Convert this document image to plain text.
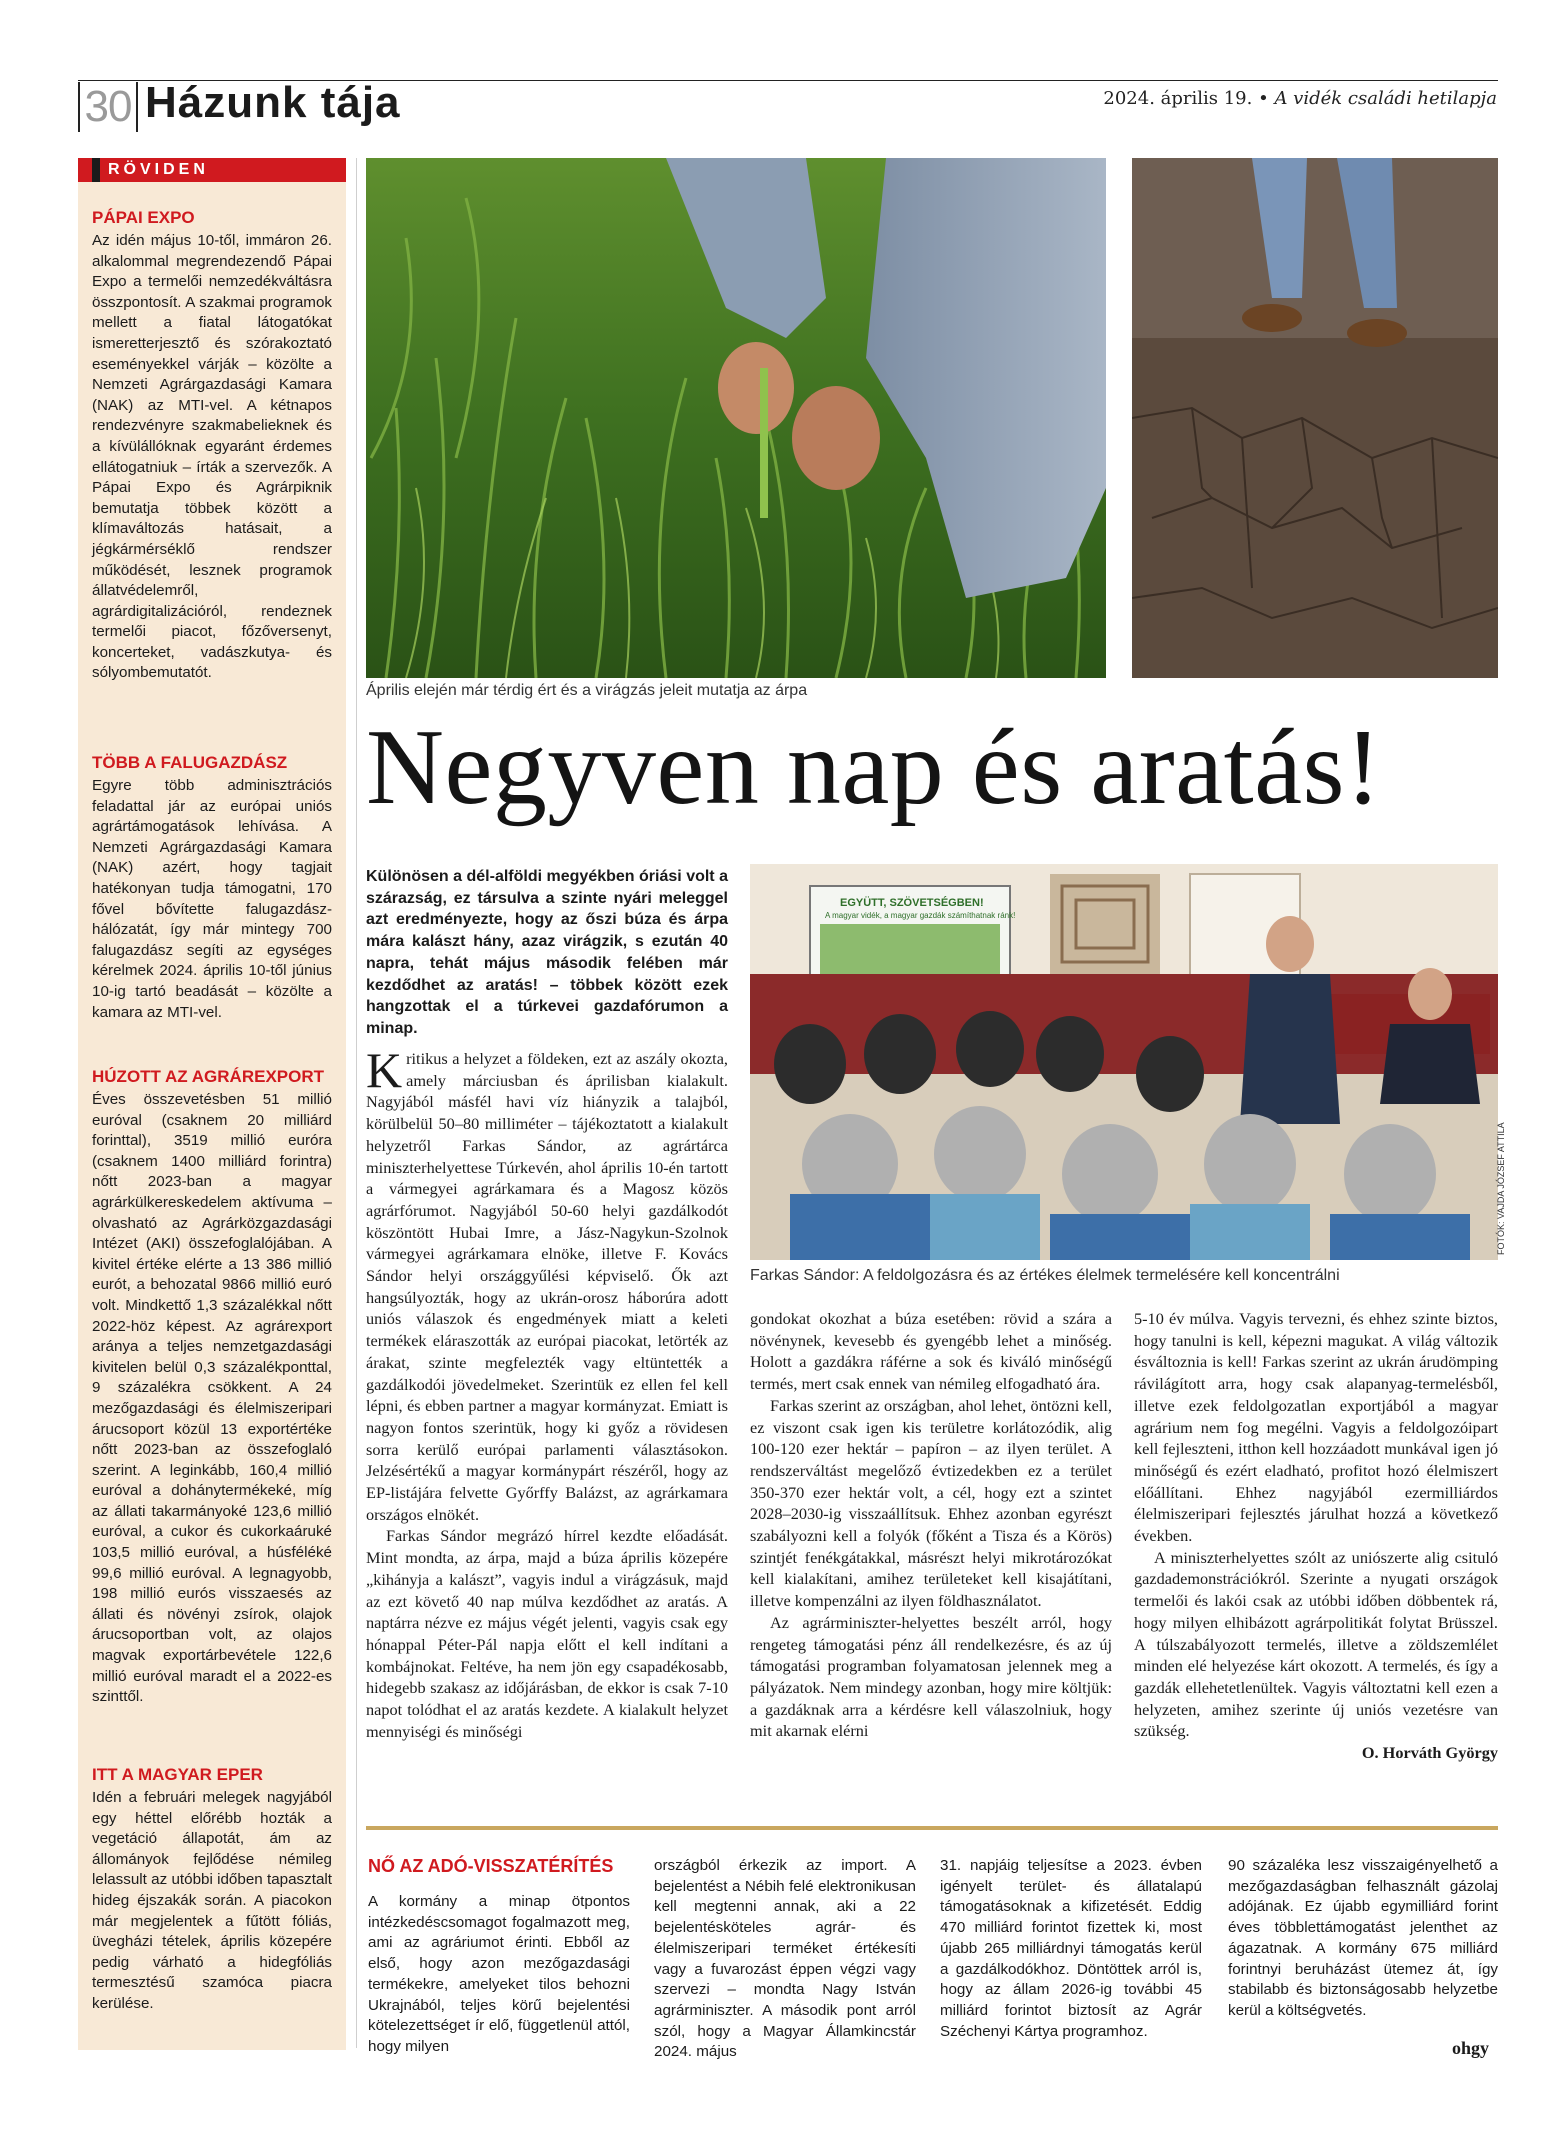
30 Házunk tája	2024. április 19. • A vidék családi hetilapja
RÖVIDEN
PÁPAI EXPO

Az idén május 10-től, immáron 26. alkalommal megrendezendő Pápai Expo a termelői nemzedékváltásra összpontosít. A szakmai programok mellett a fiatal látogatókat ismeretterjesztő és szórakoztató eseményekkel várják – közölte a Nemzeti Agrárgazdasági Kamara (NAK) az MTI-vel. A kétnapos rendezvényre szakmabelieknek és a kívülállóknak egyaránt érdemes ellátogatniuk – írták a szervezők. A Pápai Expo és Agrárpiknik bemutatja többek között a klímaváltozás hatásait, a jégkármérséklő rendszer működését, lesznek programok állatvédelemről, agrárdigitalizációról, rendeznek termelői piacot, főzőversenyt, koncerteket, vadászkutya- és sólyombemutatót.

TÖBB A FALUGAZDÁSZ

Egyre több adminisztrációs feladattal jár az európai uniós agrártámogatások lehívása. A Nemzeti Agrárgazdasági Kamara (NAK) azért, hogy tagjait hatékonyan tudja támogatni, 170 fővel bővítette falugazdász-hálózatát, így már mintegy 700 falugazdász segíti az egységes kérelmek 2024. április 10-től június 10-ig tartó beadását – közölte a kamara az MTI-vel.

HÚZOTT AZ AGRÁREXPORT

Éves összevetésben 51 millió euróval (csaknem 20 milliárd forinttal), 3519 millió euróra (csaknem 1400 milliárd forintra) nőtt 2023-ban a magyar agrárkülkereskedelem aktívuma – olvasható az Agrárközgazdasági Intézet (AKI) összefoglalójában. A kivitel értéke elérte a 13 386 millió eurót, a behozatal 9866 millió euró volt. Mindkettő 1,3 százalékkal nőtt 2022-höz képest. Az agrárexport aránya a teljes nemzetgazdasági kivitelen belül 0,3 százalékponttal, 9 százalékra csökkent. A 24 mezőgazdasági és élelmiszeripari árucsoport közül 13 exportértéke nőtt 2023-ban az összefoglaló szerint. A leginkább, 160,4 millió euróval a dohánytermékeké, míg az állati takarmányoké 123,6 millió euróval, a cukor és cukorkaáruké 103,5 millió euróval, a húsféléké 99,6 millió euróval. A legnagyobb, 198 millió eurós visszaesés az állati és növényi zsírok, olajok árucsoportban volt, az olajos magvak exportárbevétele 122,6 millió euróval maradt el a 2022-es szinttől.

ITT A MAGYAR EPER

Idén a februári melegek nagyjából egy héttel előrébb hozták a vegetáció állapotát, ám az állományok fejlődése némileg lelassult az utóbbi időben tapasztalt hideg éjszakák során. A piacokon már megjelentek a fűtött fóliás, üvegházi tételek, április közepére pedig várható a hidegfóliás termesztésű szamóca piacra kerülése.

Április elején már térdig ért és a virágzás jeleit mutatja az árpa
Negyven nap és aratás!
Különösen a dél-alföldi megyékben óriási volt a szárazság, ez társulva a szinte nyári meleggel azt eredményezte, hogy az őszi búza és árpa mára kalászt hány, azaz virágzik, s ezután 40 napra, tehát május második felében már kezdődhet az aratás! – többek között ezek hangzottak el a túrkevei gazdafórumon a minap.
EGYÜTT, SZÖVETSÉGBEN!
A magyar vidék, a magyar gazdák számíthatnak ránk!
FOTÓK: VAJDA JÓZSEF ATTILA
Farkas Sándor: A feldolgozásra és az értékes élelmek termelésére kell koncentrálni

Kritikus a helyzet a földeken, ezt az aszály okozta, amely márciusban és áprilisban kialakult. Nagyjából másfél havi víz hiányzik a talajból, körülbelül 50–80 milliméter – tájékoztatott a kialakult helyzetről Farkas Sándor, az agrártárca miniszterhelyettese Túrkevén, ahol április 10-én tartott a vármegyei agrárkamara és a Magosz közös agrárfórumot. Nagyjából 50-60 helyi gazdálkodót köszöntött Hubai Imre, a Jász-Nagykun-Szolnok vármegyei agrárkamara elnöke, illetve F. Kovács Sándor helyi országgyűlési képviselő. Ők azt hangsúlyozták, hogy az ukrán-orosz háborúra adott uniós válaszok és engedmények miatt a keleti termékek eláraszották az európai piacokat, letörték az árakat, szinte megfelezték vagy eltüntették a gazdálkodói jövedelmeket. Szerintük ez ellen fel kell lépni, és ebben partner a magyar kormányzat. Emiatt is nagyon fontos szerintük, hogy ki győz a rövidesen sorra kerülő európai parlamenti választásokon. Jelzésértékű a magyar kormánypárt részéről, hogy az EP-listájára felvette Győrffy Balázst, az agrárkamara országos elnökét.

Farkas Sándor megrázó hírrel kezdte előadását. Mint mondta, az árpa, majd a búza április közepére „kihányja a kalászt”, vagyis indul a virágzásuk, majd az ezt követő 40 nap múlva kezdődhet az aratás. A naptárra nézve ez május végét jelenti, vagyis csak egy hónappal Péter-Pál napja előtt el kell indítani a kombájnokat. Feltéve, ha nem jön egy csapadékosabb, hidegebb szakasz az időjárásban, de ekkor is csak 7-10 napot tolódhat el az aratás kezdete. A kialakult helyzet mennyiségi és minőségi

gondokat okozhat a búza esetében: rövid a szára a növénynek, kevesebb és gyengébb lehet a minőség. Holott a gazdákra ráférne a sok és kiváló minőségű termés, mert csak ennek van némileg elfogadható ára.

Farkas szerint az országban, ahol lehet, öntözni kell, ez viszont csak igen kis területre korlátozódik, alig 100-120 ezer hektár – papíron – az ilyen terület. A rendszerváltást megelőző évtizedekben ez a terület 350-370 ezer hektár volt, a cél, hogy ezt a szintet 2028–2030-ig visszaállítsuk. Ehhez azonban egyrészt szabályozni kell a folyók (főként a Tisza és a Körös) szintjét fenékgátakkal, másrészt helyi mikrotározókat kell kialakítani, amihez területeket kell kisajátítani, illetve kompenzálni az ilyen földhasználatot.

Az agrárminiszter-helyettes beszélt arról, hogy rengeteg támogatási pénz áll rendelkezésre, és az új támogatási programban folyamatosan jelennek meg a pályázatok. Nem mindegy azonban, hogy mire költjük: a gazdáknak arra a kérdésre kell válaszolniuk, hogy mit akarnak elérni

5-10 év múlva. Vagyis tervezni, és ehhez szinte biztos, hogy tanulni is kell, képezni magukat. A világ változik ésváltoznia is kell! Farkas szerint az ukrán árudömping rávilágított arra, hogy csak alapanyag-termelésből, illetve ezek feldolgozatlan exportjából a magyar agrárium nem fog megélni. Vagyis a feldolgozóipart kell fejleszteni, itthon kell hozzáadott munkával igen jó minőségű és ezért eladható, profitot hozó élelmiszert előállítani. Ehhez nagyjából ezermilliárdos élelmiszeripari fejlesztés járulhat hozzá a következő években.

A miniszterhelyettes szólt az uniószerte alig csituló gazdademonstrációkról. Szerinte a nyugati országok termelői és lakói csak az utóbbi időben döbbentek rá, hogy milyen elhibázott agrárpolitikát folytat Brüsszel. A túlszabályozott termelés, illetve a zöldszemlélet minden elé helyezése kárt okozott. A termelés, és így a gazdák ellehetetlenültek. Vagyis változtatni kell ezen a helyzeten, amihez szerinte új uniós vezetésre van szükség.

O. Horváth György

NŐ AZ ADÓ-VISSZATÉRÍTÉS

A kormány a minap ötpontos intézkedéscsomagot fogalmazott meg, ami az agráriumot érinti. Ebből az első, hogy azon mezőgazdasági termékekre, amelyeket tilos behozni Ukrajnából, teljes körű bejelentési kötelezettséget ír elő, függetlenül attól, hogy milyen

országból érkezik az import. A bejelentést a Nébih felé elektronikusan kell megtenni annak, aki a 22 bejelentésköteles agrár- és élelmiszeripari terméket értékesíti vagy a fuvarozást éppen végzi vagy szervezi – mondta Nagy István agrárminiszter. A második pont arról szól, hogy a Magyar Államkincstár 2024. május

31. napjáig teljesítse a 2023. évben igényelt terület- és állatalapú támogatásoknak a kifizetését. Eddig 470 milliárd forintot fizettek ki, most újabb 265 milliárdnyi támogatás kerül a gazdálkodókhoz. Döntöttek arról is, hogy az állam 2026-ig további 45 milliárd forintot biztosít az Agrár Széchenyi Kártya programhoz.

90 százaléka lesz visszaigényelhető a mezőgazdaságban felhasznált gázolaj adójának. Ez újabb egymilliárd forint éves többlettámogatást jelenthet az ágazatnak. A kormány 675 milliárd forintnyi beruházást ütemez át, így stabilabb és biztonságosabb helyzetbe kerül a költségvetés.

ohgy
